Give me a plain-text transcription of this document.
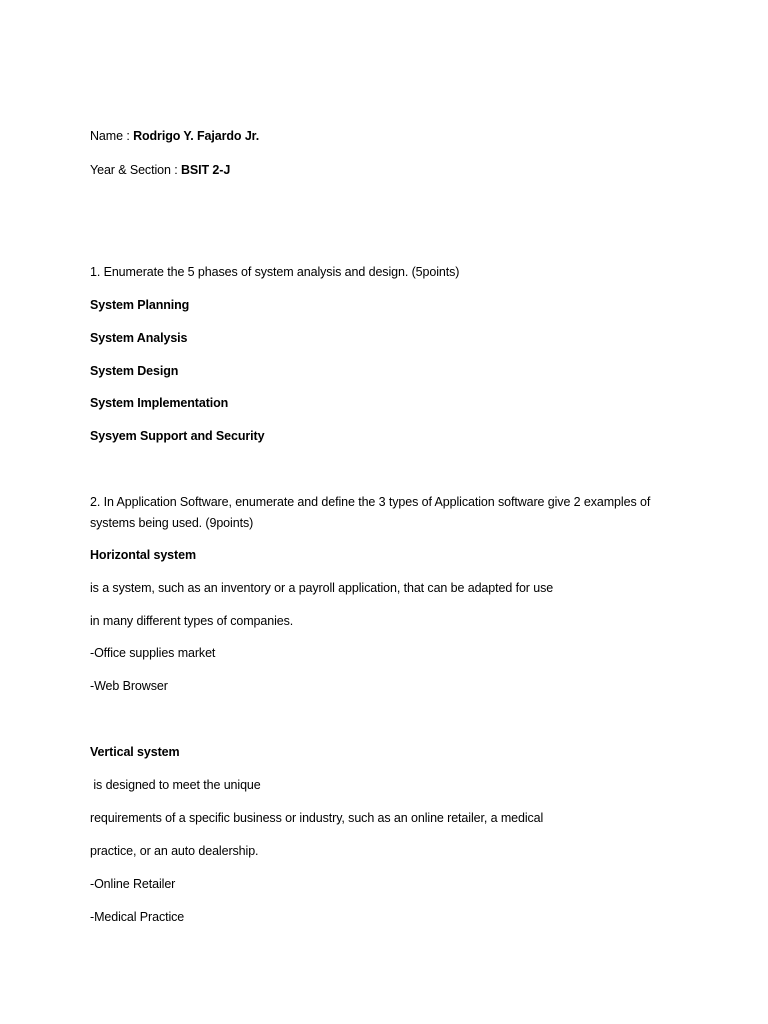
Name : Rodrigo Y. Fajardo Jr.
Year & Section : BSIT 2-J
1. Enumerate the 5 phases of system analysis and design. (5points)
System Planning
System Analysis
System Design
System Implementation
Sysyem Support and Security
2. In Application Software, enumerate and define the 3 types of Application software give 2 examples of systems being used. (9points)
Horizontal system
is a system, such as an inventory or a payroll application, that can be adapted for use
in many different types of companies.
-Office supplies market
-Web Browser
Vertical system
is designed to meet the unique
requirements of a specific business or industry, such as an online retailer, a medical
practice, or an auto dealership.
-Online Retailer
-Medical Practice
